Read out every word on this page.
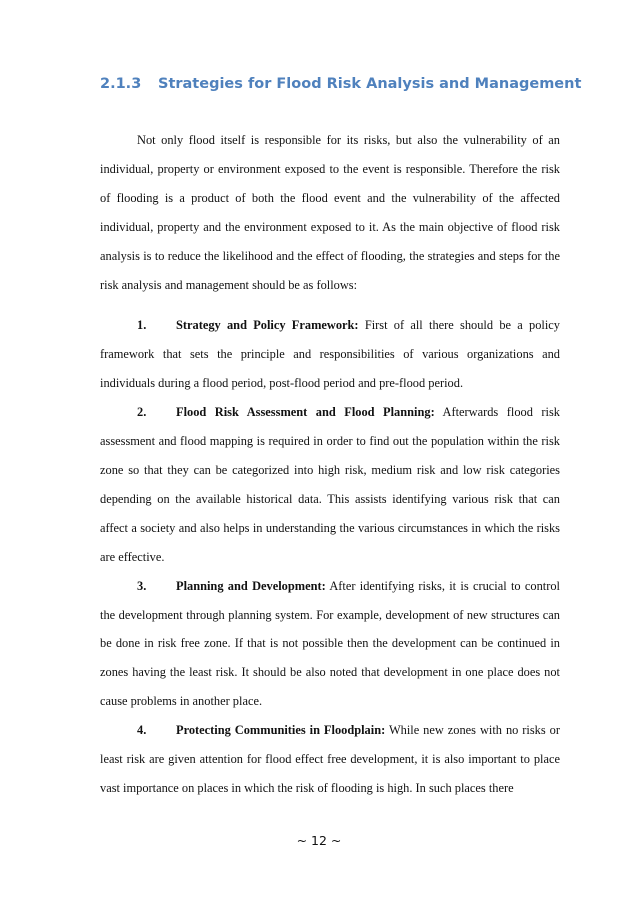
2.1.3 Strategies for Flood Risk Analysis and Management

Not only flood itself is responsible for its risks, but also the vulnerability of an individual, property or environment exposed to the event is responsible. Therefore the risk of flooding is a product of both the flood event and the vulnerability of the affected individual, property and the environment exposed to it. As the main objective of flood risk analysis is to reduce the likelihood and the effect of flooding, the strategies and steps for the risk analysis and management should be as follows:

1. Strategy and Policy Framework: First of all there should be a policy framework that sets the principle and responsibilities of various organizations and individuals during a flood period, post-flood period and pre-flood period.

2. Flood Risk Assessment and Flood Planning: Afterwards flood risk assessment and flood mapping is required in order to find out the population within the risk zone so that they can be categorized into high risk, medium risk and low risk categories depending on the available historical data. This assists identifying various risk that can affect a society and also helps in understanding the various circumstances in which the risks are effective.

3. Planning and Development: After identifying risks, it is crucial to control the development through planning system. For example, development of new structures can be done in risk free zone. If that is not possible then the development can be continued in zones having the least risk. It should be also noted that development in one place does not cause problems in another place.

4. Protecting Communities in Floodplain: While new zones with no risks or least risk are given attention for flood effect free development, it is also important to place vast importance on places in which the risk of flooding is high. In such places there

~ 12 ~
